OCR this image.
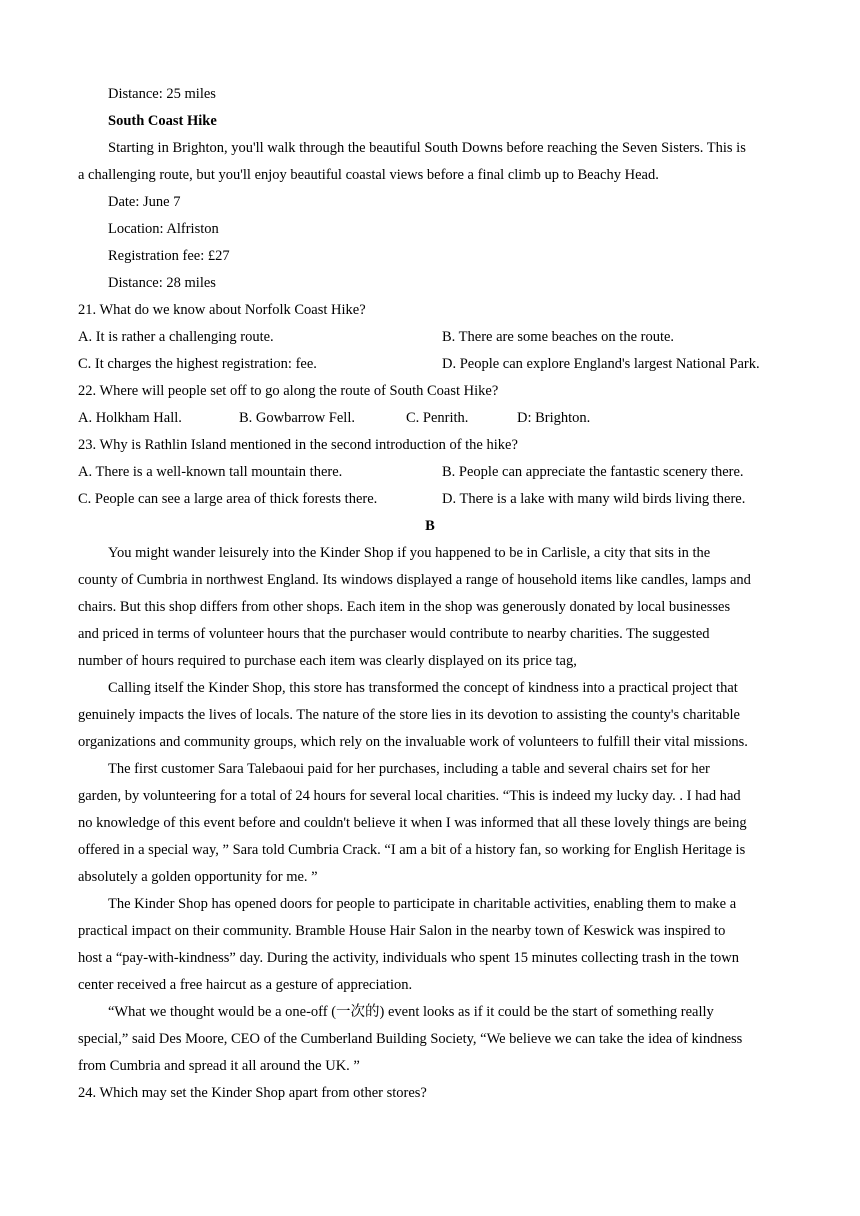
Distance: 25 miles
South Coast Hike
Starting in Brighton, you'll walk through the beautiful South Downs before reaching the Seven Sisters. This is
a challenging route, but you'll enjoy beautiful coastal views before a final climb up to Beachy Head.
Date: June 7
Location: Alfriston
Registration fee: £27
Distance: 28 miles
21. What do we know about Norfolk Coast Hike?
A. It is rather a challenging route.	B. There are some beaches on the route.
C. It charges the highest registration: fee.	D. People can explore England's largest National Park.
22. Where will people set off to go along the route of South Coast Hike?
A. Holkham Hall.	B. Gowbarrow Fell.	C. Penrith.	D: Brighton.
23. Why is Rathlin Island mentioned in the second introduction of the hike?
A. There is a well-known tall mountain there.	B. People can appreciate the fantastic scenery there.
C. People can see a large area of thick forests there.	D. There is a lake with many wild birds living there.
B
You might wander leisurely into the Kinder Shop if you happened to be in Carlisle, a city that sits in the
county of Cumbria in northwest England. Its windows displayed a range of household items like candles, lamps and
chairs. But this shop differs from other shops. Each item in the shop was generously donated by local businesses
and priced in terms of volunteer hours that the purchaser would contribute to nearby charities. The suggested
number of hours required to purchase each item was clearly displayed on its price tag,
Calling itself the Kinder Shop, this store has transformed the concept of kindness into a practical project that
genuinely impacts the lives of locals. The nature of the store lies in its devotion to assisting the county's charitable
organizations and community groups, which rely on the invaluable work of volunteers to fulfill their vital missions.
The first customer Sara Talebaoui paid for her purchases, including a table and several chairs set for her
garden, by volunteering for a total of 24 hours for several local charities. “This is indeed my lucky day. . I had had
no knowledge of this event before and couldn't believe it when I was informed that all these lovely things are being
offered in a special way, ” Sara told Cumbria Crack. “I am a bit of a history fan, so working for English Heritage is
absolutely a golden opportunity for me. ”
The Kinder Shop has opened doors for people to participate in charitable activities, enabling them to make a
practical impact on their community. Bramble House Hair Salon in the nearby town of Keswick was inspired to
host a “pay-with-kindness” day. During the activity, individuals who spent 15 minutes collecting trash in the town
center received a free haircut as a gesture of appreciation.
“What we thought would be a one-off (一次的) event looks as if it could be the start of something really
special,” said Des Moore, CEO of the Cumberland Building Society, “We believe we can take the idea of kindness
from Cumbria and spread it all around the UK. ”
24. Which may set the Kinder Shop apart from other stores?
